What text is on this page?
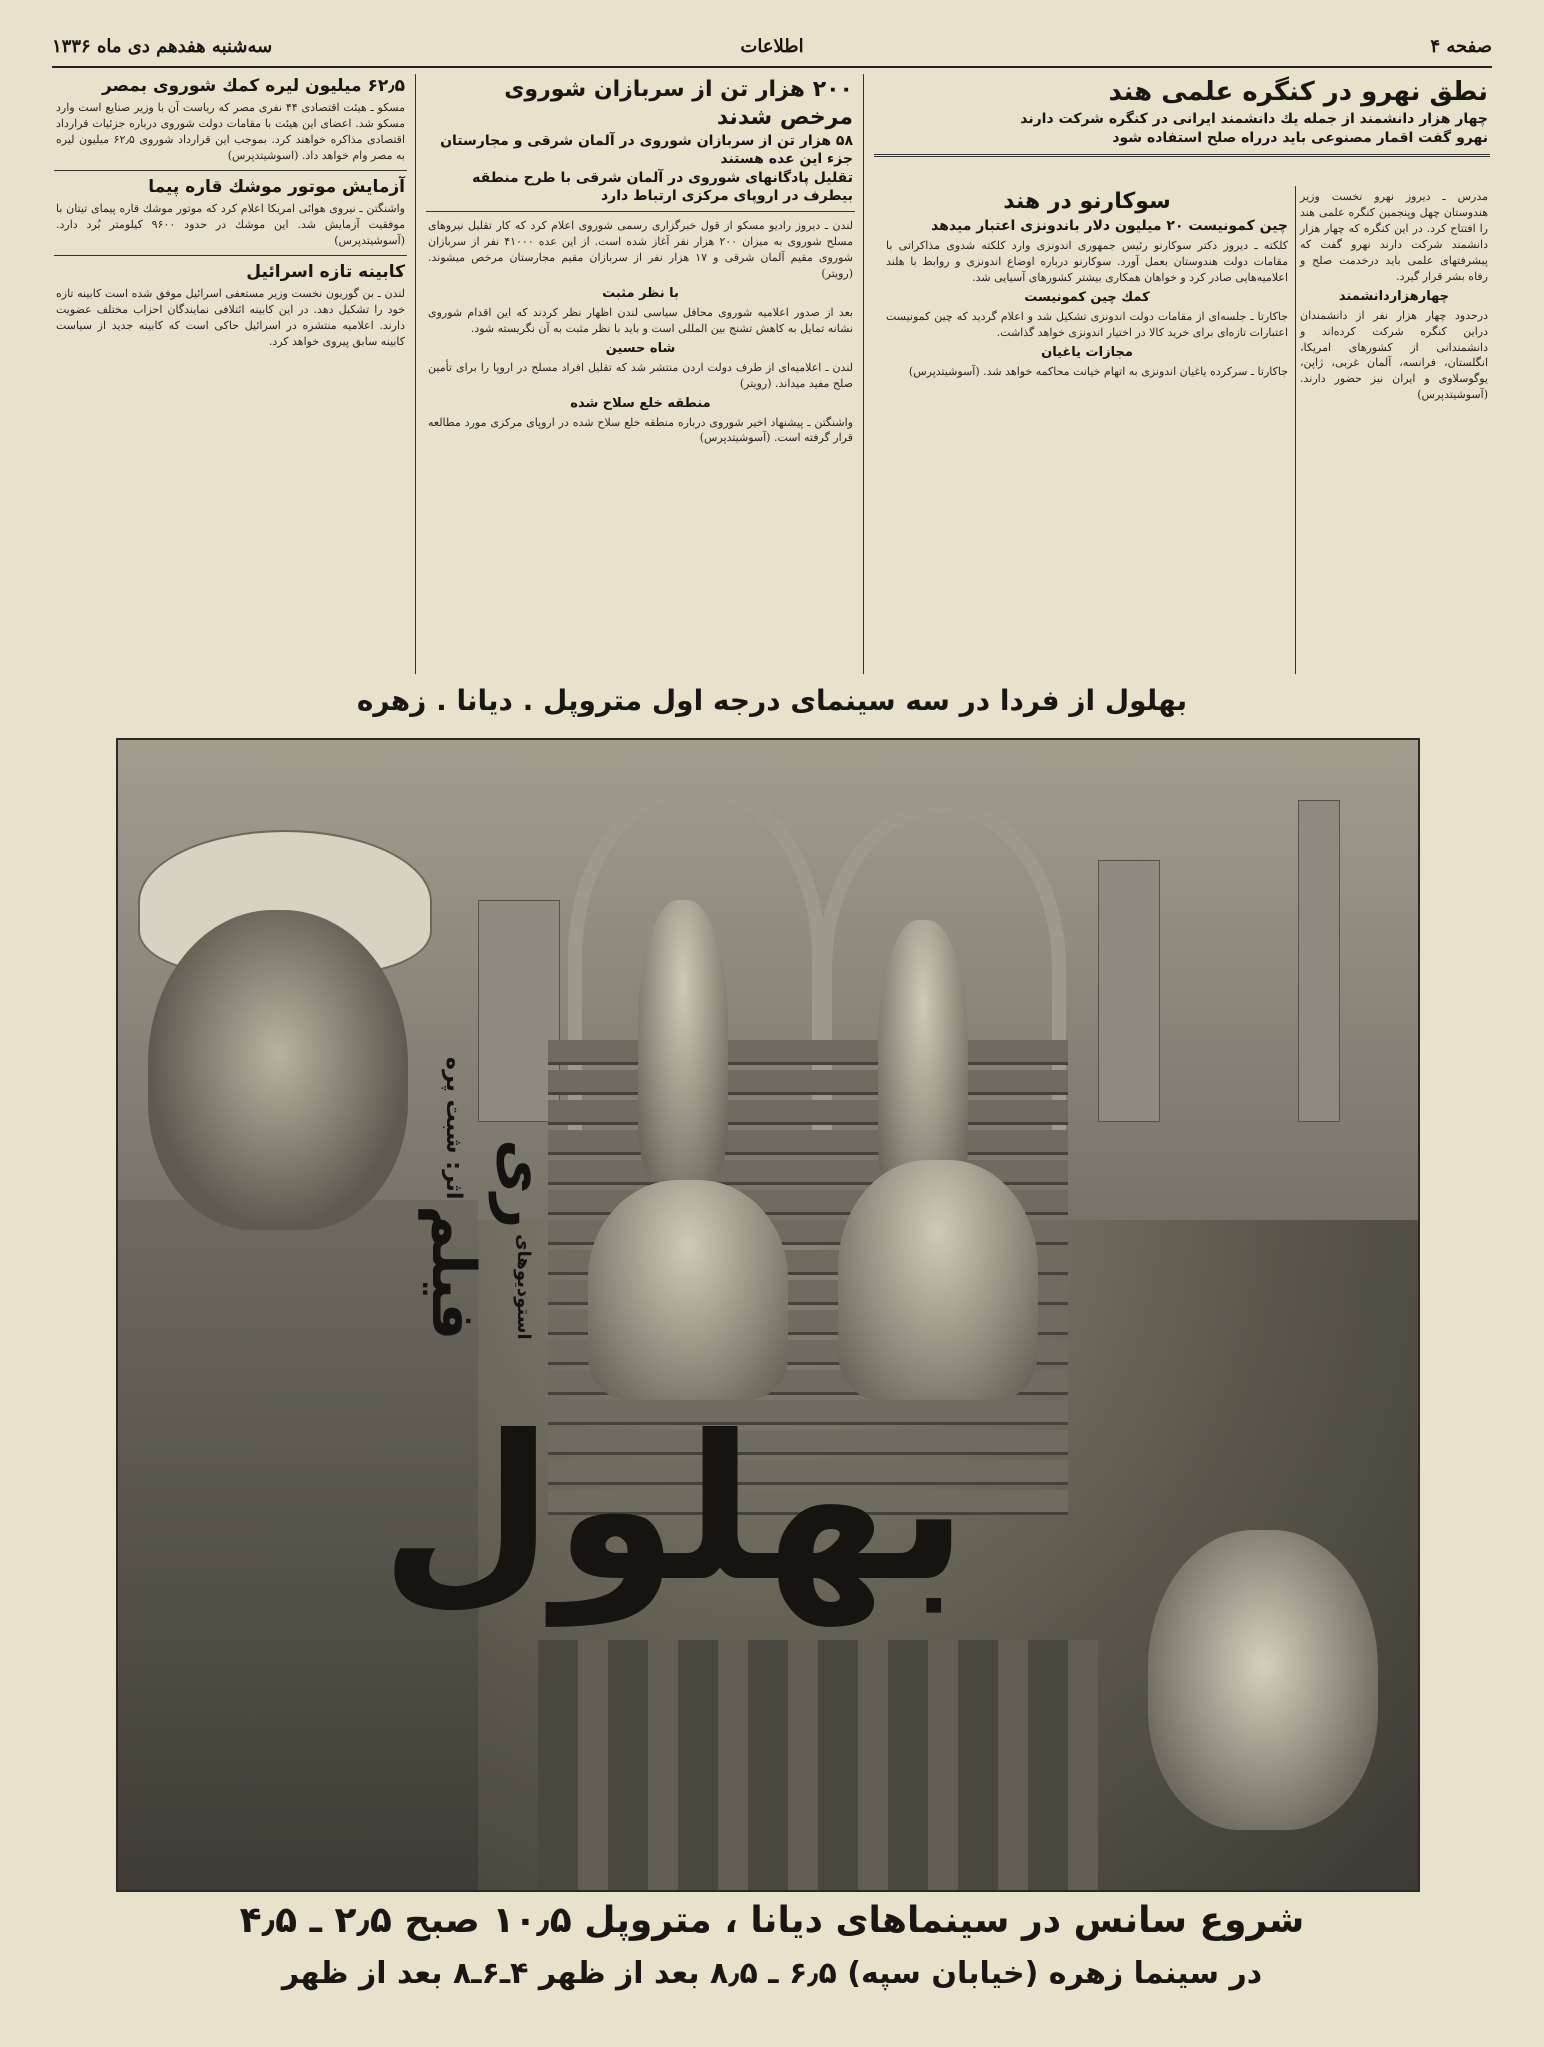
صفحه ۴
اطلاعات
سه‌شنبه هفدهم دی ماه ۱۳۳۶
نطق نهرو در کنگره علمی هند
چهار هزار دانشمند از جمله یك دانشمند ایرانی در کنگره شرکت دارند
نهرو گفت اقمار مصنوعی باید درراه صلح استفاده شود

مدرس ـ دیروز نهرو نخست وزیر هندوستان چهل وپنجمین کنگره علمی هند را افتتاح کرد. در این کنگره که چهار هزار دانشمند شرکت دارند نهرو گفت که پیشرفتهای علمی باید درخدمت صلح و رفاه بشر قرار گیرد.

چهارهزاردانشمند

درحدود چهار هزار نفر از دانشمندان دراین کنگره شرکت کرده‌اند و دانشمندانی از کشورهای امریکا، انگلستان، فرانسه، آلمان غربی، ژاپن، یوگوسلاوی و ایران نیز حضور دارند. (آسوشیتدپرس)

سوکارنو در هند
چین کمونیست ۲۰ میلیون دلار باندونزی اعتبار میدهد

کلکته ـ دیروز دکتر سوکارنو رئیس جمهوری اندونزی وارد کلکته شدوی مذاکراتی با مقامات دولت هندوستان بعمل آورد. سوکارنو درباره اوضاع اندونزی و روابط با هلند اعلامیه‌هایی صادر کرد و خواهان همکاری بیشتر کشورهای آسیایی شد.

کمك چین کمونیست

جاکارتا ـ جلسه‌ای از مقامات دولت اندونزی تشکیل شد و اعلام گردید که چین کمونیست اعتبارات تازه‌ای برای خرید کالا در اختیار اندونزی خواهد گذاشت.

مجازات یاغیان

جاکارتا ـ سرکرده یاغیان اندونزی به اتهام خیانت محاکمه خواهد شد. (آسوشیتدپرس)

۲۰۰ هزار تن از سربازان شوروی مرخص شدند
۵۸ هزار تن از سربازان شوروی در آلمان شرقی و مجارستان جزء این عده هستند
تقلیل پادگانهای شوروی در آلمان شرقی با طرح منطقه بیطرف در اروپای مرکزی ارتباط دارد

لندن ـ دیروز رادیو مسکو از قول خبرگزاری رسمی شوروی اعلام کرد که کار تقلیل نیروهای مسلح شوروی به میزان ۲۰۰ هزار نفر آغاز شده است. از این عده ۴۱۰۰۰ نفر از سربازان شوروی مقیم آلمان شرقی و ۱۷ هزار نفر از سربازان مقیم مجارستان مرخص میشوند. (رویتر)

با نظر مثبت

بعد از صدور اعلامیه شوروی محافل سیاسی لندن اظهار نظر کردند که این اقدام شوروی نشانه تمایل به کاهش تشنج بین المللی است و باید با نظر مثبت به آن نگریسته شود.

شاه حسین

لندن ـ اعلامیه‌ای از طرف دولت اردن منتشر شد که تقلیل افراد مسلح در اروپا را برای تأمین صلح مفید میداند. (رویتر)

منطقه خلع سلاح شده

واشنگتن ـ پیشنهاد اخیر شوروی درباره منطقه خلع سلاح شده در اروپای مرکزی مورد مطالعه قرار گرفته است. (آسوشیتدپرس)

۶۲٫۵ میلیون لیره کمك شوروی بمصر

مسکو ـ هیئت اقتصادی ۴۴ نفری مصر که ریاست آن با وزیر صنایع است وارد مسکو شد. اعضای این هیئت با مقامات دولت شوروی درباره جزئیات قرارداد اقتصادی مذاکره خواهند کرد. بموجب این قرارداد شوروی ۶۲٫۵ میلیون لیره به مصر وام خواهد داد. (اسوشیتدپرس)

آزمایش موتور موشك قاره پیما

واشنگتن ـ نیروی هوائی امریکا اعلام کرد که موتور موشك قاره پیمای تیتان با موفقیت آزمایش شد. این موشك در حدود ۹۶۰۰ کیلومتر بُرد دارد. (آسوشیتدپرس)

کابینه تازه اسرائیل

لندن ـ بن گوریون نخست وزیر مستعفی اسرائیل موفق شده است کابینه تازه خود را تشکیل دهد. در این کابینه ائتلافی نمایندگان احزاب مختلف عضویت دارند. اعلامیه منتشره در اسرائیل حاکی است که کابینه جدید از سیاست کابینه سابق پیروی خواهد کرد.

بهلول از فردا در سه سینمای درجه اول متروپل . دیانا . زهره
استودیو‌های ری فیلم اثر: شبت پره
بهلول
شروع سانس در سینماهای دیانا ، متروپل ۱۰٫۵ صبح ۲٫۵ ـ ۴٫۵
در سینما زهره (خیابان سپه) ۶٫۵ ـ ۸٫۵ بعد از ظهر ۴ـ۶ـ۸ بعد از ظهر
